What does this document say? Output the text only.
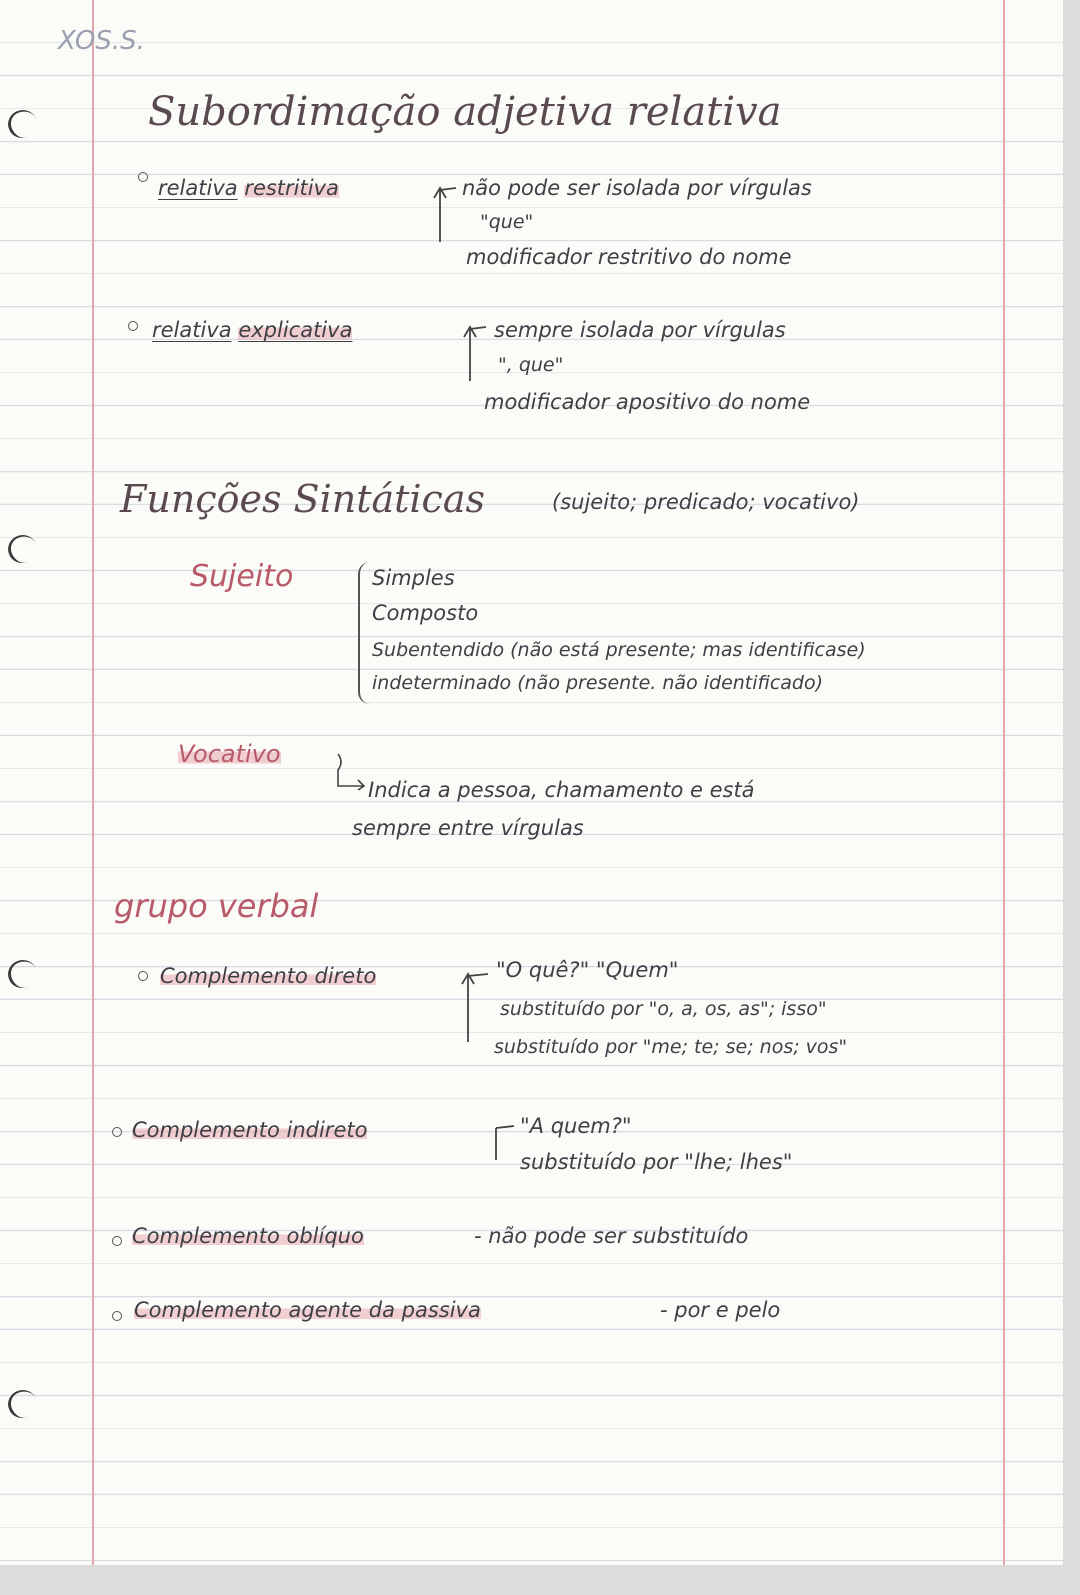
XOS.S.
Subordimação adjetiva relativa
relativa restritiva	não pode ser isolada por vírgulas
"que"
modificador restritivo do nome
relativa explicativa	sempre isolada por vírgulas
", que"
modificador apositivo do nome
Funções Sintáticas	(sujeito; predicado; vocativo)
Sujeito	Simples
Composto
Subentendido (não está presente; mas identificase)
indeterminado (não presente. não identificado)
Vocativo
Indica a pessoa, chamamento e está
sempre entre vírgulas
grupo verbal
Complemento direto	"O quê?" "Quem"
substituído por "o, a, os, as"; isso"
substituído por "me; te; se; nos; vos"
Complemento indireto	"A quem?"
substituído por "lhe; lhes"
Complemento oblíquo	- não pode ser substituído
Complemento agente da passiva	- por e pelo
